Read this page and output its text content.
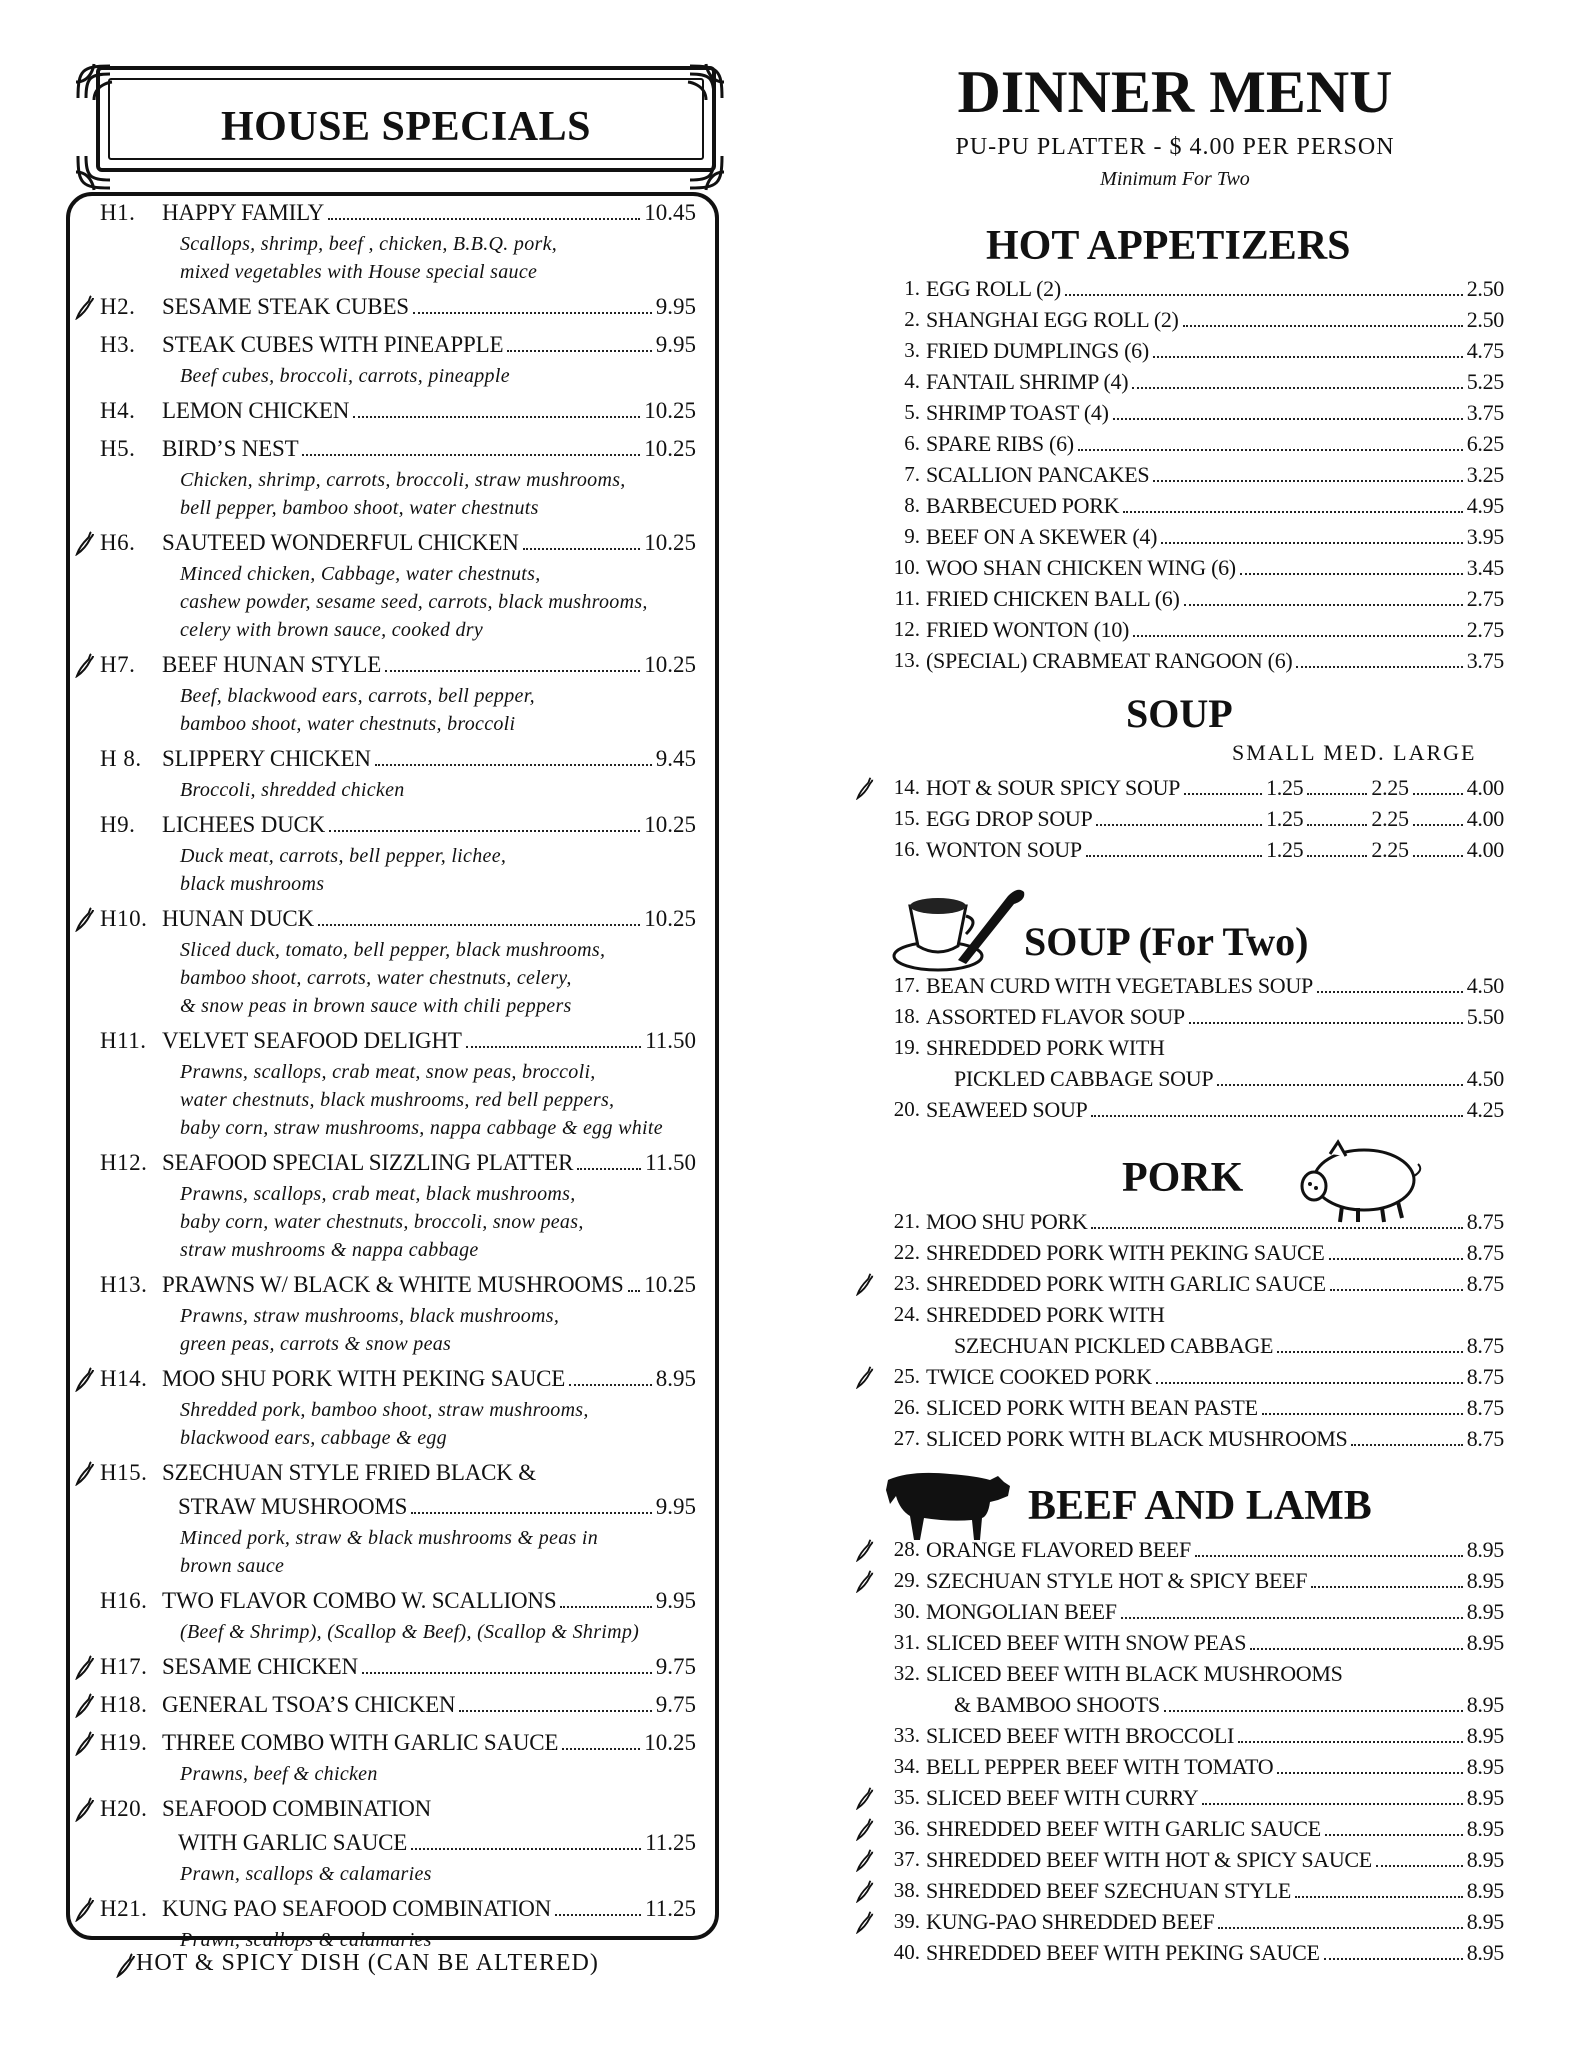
HOUSE SPECIALS
H1.	HAPPY FAMILY	10.45
Scallops, shrimp, beef , chicken, B.B.Q. pork,
mixed vegetables with House special sauce
H2.	SESAME STEAK CUBES	9.95
H3.	STEAK CUBES WITH PINEAPPLE	9.95
Beef cubes, broccoli, carrots, pineapple
H4.	LEMON CHICKEN	10.25
H5.	BIRD’S NEST	10.25
Chicken, shrimp, carrots, broccoli, straw mushrooms,
bell pepper, bamboo shoot, water chestnuts
H6.	SAUTEED WONDERFUL CHICKEN	10.25
Minced chicken, Cabbage, water chestnuts,
cashew powder, sesame seed, carrots, black mushrooms,
celery with brown sauce, cooked dry
H7.	BEEF HUNAN STYLE	10.25
Beef, blackwood ears, carrots, bell pepper,
bamboo shoot, water chestnuts, broccoli
H 8. SLIPPERY CHICKEN	9.45
Broccoli, shredded chicken
H9.	LICHEES DUCK	10.25
Duck meat, carrots, bell pepper, lichee,
black mushrooms
H10. HUNAN DUCK	10.25
Sliced duck, tomato, bell pepper, black mushrooms,
bamboo shoot, carrots, water chestnuts, celery,
& snow peas in brown sauce with chili peppers
H11. VELVET SEAFOOD DELIGHT	11.50
Prawns, scallops, crab meat, snow peas, broccoli,
water chestnuts, black mushrooms, red bell peppers,
baby corn, straw mushrooms, nappa cabbage & egg white
H12. SEAFOOD SPECIAL SIZZLING PLATTER	11.50
Prawns, scallops, crab meat, black mushrooms,
baby corn, water chestnuts, broccoli, snow peas,
straw mushrooms & nappa cabbage
H13. PRAWNS W/ BLACK & WHITE MUSHROOMS 10.25
Prawns, straw mushrooms, black mushrooms,
green peas, carrots & snow peas
H14. MOO SHU PORK WITH PEKING SAUCE	8.95
Shredded pork, bamboo shoot, straw mushrooms,
blackwood ears, cabbage & egg
H15. SZECHUAN STYLE FRIED BLACK &
STRAW MUSHROOMS	9.95
Minced pork, straw & black mushrooms & peas in
brown sauce
H16. TWO FLAVOR COMBO W. SCALLIONS	9.95
(Beef & Shrimp), (Scallop & Beef), (Scallop & Shrimp)
H17. SESAME CHICKEN	9.75
H18. GENERAL TSOA’S CHICKEN	9.75
H19. THREE COMBO WITH GARLIC SAUCE	10.25
Prawns, beef & chicken
H20. SEAFOOD COMBINATION
WITH GARLIC SAUCE	11.25
Prawn, scallops & calamaries
H21. KUNG PAO SEAFOOD COMBINATION	11.25
Prawn, scallops & calamaries
HOT & SPICY DISH (CAN BE ALTERED)
DINNER MENU
PU-PU PLATTER - $ 4.00 PER PERSON
Minimum For Two
HOT APPETIZERS
1. EGG ROLL (2)	2.50
2. SHANGHAI EGG ROLL (2)	2.50
3. FRIED DUMPLINGS (6)	4.75
4. FANTAIL SHRIMP (4)	5.25
5. SHRIMP TOAST (4)	3.75
6. SPARE RIBS (6)	6.25
7. SCALLION PANCAKES	3.25
8. BARBECUED PORK	4.95
9. BEEF ON A SKEWER (4)	3.95
10. WOO SHAN CHICKEN WING (6)	3.45
11. FRIED CHICKEN BALL (6)	2.75
12. FRIED WONTON (10)	2.75
13. (SPECIAL) CRABMEAT RANGOON (6)	3.75
SOUP
SMALL MED. LARGE
14. HOT & SOUR SPICY SOUP	1.25	2.25	4.00
15. EGG DROP SOUP	1.25	2.25	4.00
16. WONTON SOUP	1.25	2.25	4.00
SOUP (For Two)
17. BEAN CURD WITH VEGETABLES SOUP	4.50
18. ASSORTED FLAVOR SOUP	5.50
19. SHREDDED PORK WITH
PICKLED CABBAGE SOUP	4.50
20. SEAWEED SOUP	4.25
PORK
21. MOO SHU PORK	8.75
22. SHREDDED PORK WITH PEKING SAUCE	8.75
23. SHREDDED PORK WITH GARLIC SAUCE	8.75
24. SHREDDED PORK WITH
SZECHUAN PICKLED CABBAGE	8.75
25. TWICE COOKED PORK	8.75
26. SLICED PORK WITH BEAN PASTE	8.75
27. SLICED PORK WITH BLACK MUSHROOMS	8.75
BEEF AND LAMB
28. ORANGE FLAVORED BEEF	8.95
29. SZECHUAN STYLE HOT & SPICY BEEF	8.95
30. MONGOLIAN BEEF	8.95
31. SLICED BEEF WITH SNOW PEAS	8.95
32. SLICED BEEF WITH BLACK MUSHROOMS
& BAMBOO SHOOTS	8.95
33. SLICED BEEF WITH BROCCOLI	8.95
34. BELL PEPPER BEEF WITH TOMATO	8.95
35. SLICED BEEF WITH CURRY	8.95
36. SHREDDED BEEF WITH GARLIC SAUCE	8.95
37. SHREDDED BEEF WITH HOT & SPICY SAUCE	8.95
38. SHREDDED BEEF SZECHUAN STYLE	8.95
39. KUNG-PAO SHREDDED BEEF	8.95
40. SHREDDED BEEF WITH PEKING SAUCE	8.95
